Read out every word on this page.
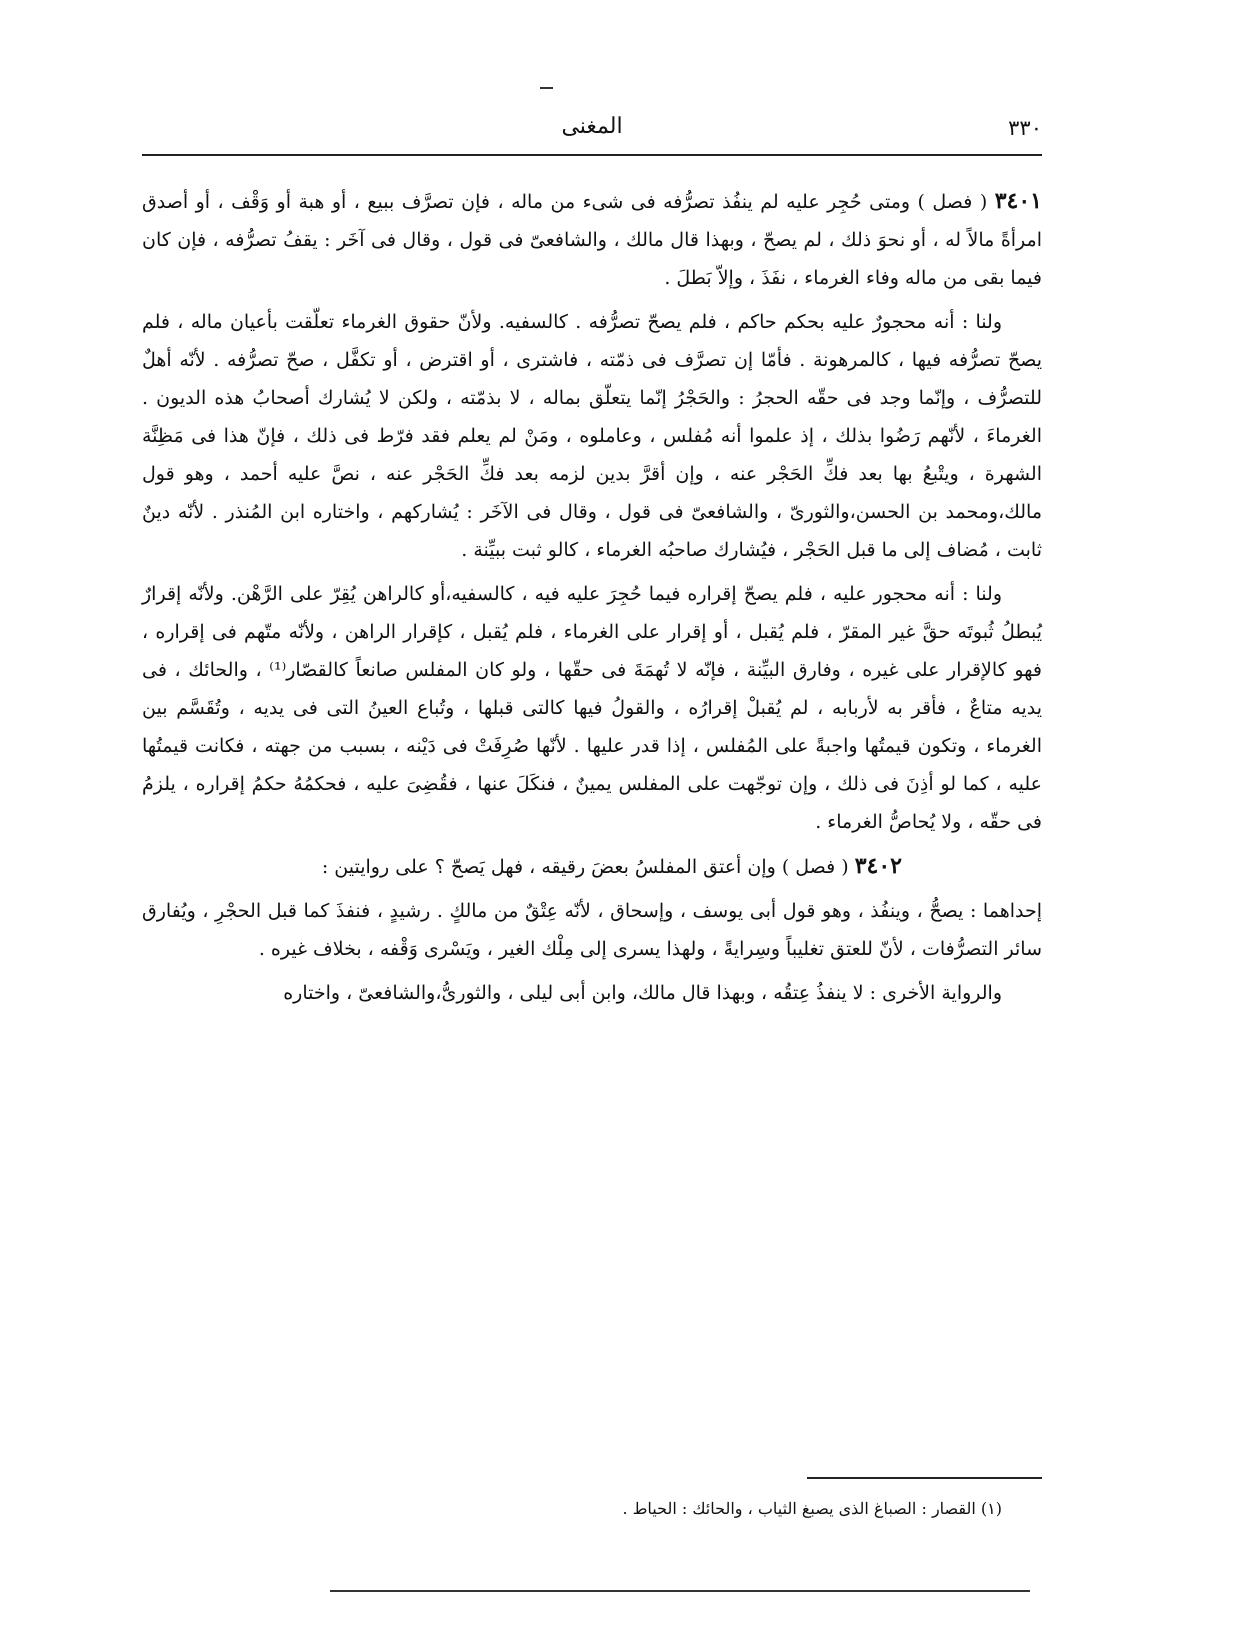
٣٣٠
المغنى

٣٤٠١ ( فصل ) ومتى حُجِر عليه لم ينفُذ تصرُّفه فى شىء من ماله ، فإن تصرَّف ببيع ، أو هبة أو وَقْف ، أو أصدق امرأةً مالاً له ، أو نحوَ ذلك ، لم يصحّ ، وبهذا قال مالك ، والشافعىّ فى قول ، وقال فى آخَر : يقفُ تصرُّفه ، فإن كان فيما بقى من ماله وفاء الغرماء ، نفَذَ ، وإلاّ بَطلَ .

ولنا : أنه محجورٌ عليه بحكم حاكم ، فلم يصحّ تصرُّفه . كالسفيه. ولأنّ حقوق الغرماء تعلّقت بأعيان ماله ، فلم يصحّ تصرُّفه فيها ، كالمرهونة . فأمّا إن تصرَّف فى ذمّته ، فاشترى ، أو اقترض ، أو تكفَّل ، صحّ تصرُّفه . لأنّه أهلٌ للتصرُّف ، وإنّما وجد فى حقّه الحجرُ : والحَجْرُ إنّما يتعلّق بماله ، لا بذمّته ، ولكن لا يُشارك أصحابُ هذه الديون . الغرماءَ ، لأنّهم رَضُوا بذلك ، إذ علموا أنه مُفلس ، وعاملوه ، ومَنْ لم يعلم فقد فرّط فى ذلك ، فإنّ هذا فى مَظِنَّة الشهرة ، ويتْبعُ بها بعد فكِّ الحَجْر عنه ، وإن أقرَّ بدين لزمه بعد فكِّ الحَجْر عنه ، نصَّ عليه أحمد ، وهو قول مالك،ومحمد بن الحسن،والثورىّ ، والشافعىّ فى قول ، وقال فى الآخَر : يُشاركهم ، واختاره ابن المُنذر . لأنّه دينٌ ثابت ، مُضاف إلى ما قبل الحَجْر ، فيُشارك صاحبُه الغرماء ، كالو ثبت ببيِّنة .

ولنا : أنه محجور عليه ، فلم يصحّ إقراره فيما حُجِرَ عليه فيه ، كالسفيه،أو كالراهن يُقِرّ على الرَّهْن. ولأنّه إقرارٌ يُبطلُ ثُبوتَه حقَّ غير المقرّ ، فلم يُقبل ، أو إقرار على الغرماء ، فلم يُقبل ، كإقرار الراهن ، ولأنّه متّهم فى إقراره ، فهو كالإقرار على غيره ، وفارق البيِّنة ، فإنّه لا تُهمَةَ فى حقّها ، ولو كان المفلس صانعاً كالقصّار⁽¹⁾ ، والحائك ، فى يديه متاعٌ ، فأقر به لأربابه ، لم يُقبلْ إقرارُه ، والقولُ فيها كالتى قبلها ، وتُباع العينُ التى فى يديه ، وتُقَسَّم بين الغرماء ، وتكون قيمتُها واجبةً على المُفلس ، إذا قدر عليها . لأنّها صُرِفَتْ فى دَيْنه ، بسبب من جهته ، فكانت قيمتُها عليه ، كما لو أذِنَ فى ذلك ، وإن توجّهت على المفلس يمينٌ ، فنكَلَ عنها ، فقُضِىَ عليه ، فحكمُهُ حكمُ إقراره ، يلزمُ فى حقّه ، ولا يُحاصُّ الغرماء .

٣٤٠٢ ( فصل ) وإن أعتق المفلسُ بعضَ رقيقه ، فهل يَصحّ ؟ على روايتين :

إحداهما : يصحُّ ، وينفُذ ، وهو قول أبى يوسف ، وإسحاق ، لأنّه عِتْقٌ من مالكٍ . رشيدٍ ، فنفذَ كما قبل الحجْرِ ، ويُفارق سائر التصرُّفات ، لأنّ للعتق تغليباً وسِرايةً ، ولهذا يسرى إلى مِلْك الغير ، ويَسْرى وَقْفه ، بخلاف غيره .

والرواية الأخرى : لا ينفذُ عِتقُه ، وبهذا قال مالك، وابن أبى ليلى ، والثورىُّ،والشافعىّ ، واختاره

(١) القصار : الصباغ الذى يصبغ الثياب ، والحائك : الحياط .
